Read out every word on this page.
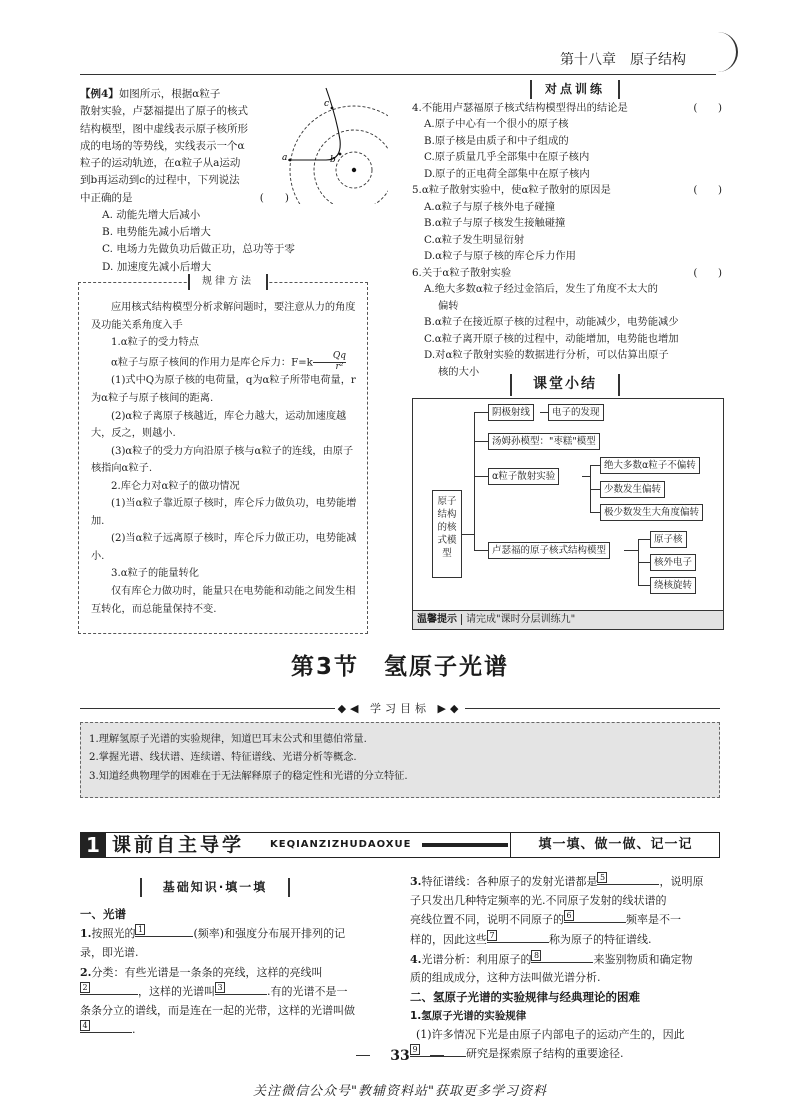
第十八章　原子结构

【例4】如图所示，根据α粒子

散射实验，卢瑟福提出了原子的核式

结构模型，图中虚线表示原子核所形

成的电场的等势线，实线表示一个α

粒子的运动轨迹，在α粒子从a运动

到b再运动到c的过程中，下列说法

中正确的是	(　　)

A. 动能先增大后减小

B. 电势能先减小后增大

C. 电场力先做负功后做正功，总功等于零

D. 加速度先减小后增大

a	b
c

应用核式结构模型分析求解问题时，要注意从力的角度及功能关系角度入手

1.α粒子的受力特点

α粒子与原子核间的作用力是库仑斥力：$F=k \frac{Qq}{\text{r²}}$

(1)式中Q为原子核的电荷量，q为α粒子所带电荷量，r为α粒子与原子核间的距离.

(2)α粒子离原子核越近，库仑力越大，运动加速度越大，反之，则越小.

(3)α粒子的受力方向沿原子核与α粒子的连线，由原子核指向α粒子.

2.库仑力对α粒子的做功情况

(1)当α粒子靠近原子核时，库仑斥力做负功，电势能增加.

(2)当α粒子远离原子核时，库仑斥力做正功，电势能减小.

3.α粒子的能量转化

仅有库仑力做功时，能量只在电势能和动能之间发生相互转化，而总能量保持不变.

规律方法
对点训练
4.不能用卢瑟福原子核式结构模型得出的结论是	(　　)
A.原子中心有一个很小的原子核
B.原子核是由质子和中子组成的
C.原子质量几乎全部集中在原子核内
D.原子的正电荷全部集中在原子核内
5.α粒子散射实验中，使α粒子散射的原因是	(　　)
A.α粒子与原子核外电子碰撞
B.α粒子与原子核发生接触碰撞
C.α粒子发生明显衍射
D.α粒子与原子核的库仑斥力作用
6.关于α粒子散射实验	(　　)
A.绝大多数α粒子经过金箔后，发生了角度不太大的
偏转
B.α粒子在接近原子核的过程中，动能减少，电势能减少
C.α粒子离开原子核的过程中，动能增加，电势能也增加
D.对α粒子散射实验的数据进行分析，可以估算出原子
核的大小
课堂小结
原子结构的核式模型
阴极射线	电子的发现
汤姆孙模型："枣糕"模型
α粒子散射实验
绝大多数α粒子不偏转
少数发生偏转
极少数发生大角度偏转
卢瑟福的原子核式结构模型
原子核
核外电子
绕核旋转
温馨提示 请完成"课时分层训练九"
第3节　氢原子光谱
◆◀ 学习目标 ▶◆
1.理解氢原子光谱的实验规律，知道巴耳末公式和里德伯常量.
2.掌握光谱、线状谱、连续谱、特征谱线、光谱分析等概念.
3.知道经典物理学的困难在于无法解释原子的稳定性和光谱的分立特征.
1 课前自主导学	KEQIANZIZHUDAOXUE	填一填、做一做、记一记
基础知识·填一填
一、光谱
1.按照光的 1	(频率)和强度分布展开排列的记
录，即光谱.
2.分类：有些光谱是一条条的亮线，这样的亮线叫
2	，这样的光谱叫 3	.有的光谱不是一
条条分立的谱线，而是连在一起的光带，这样的光谱叫做
4	.
3.特征谱线：各种原子的发射光谱都是 5	，说明原
子只发出几种特定频率的光.不同原子发射的线状谱的
亮线位置不同，说明不同原子的 6	频率是不一
样的，因此这些 7	称为原子的特征谱线.
4.光谱分析：利用原子的 8	来鉴别物质和确定物
质的组成成分，这种方法叫做光谱分析.
二、氢原子光谱的实验规律与经典理论的困难
1.氢原子光谱的实验规律
(1)许多情况下光是由原子内部电子的运动产生的，因此
9	研究是探索原子结构的重要途径.
33
关注微信公众号"教辅资料站"获取更多学习资料
